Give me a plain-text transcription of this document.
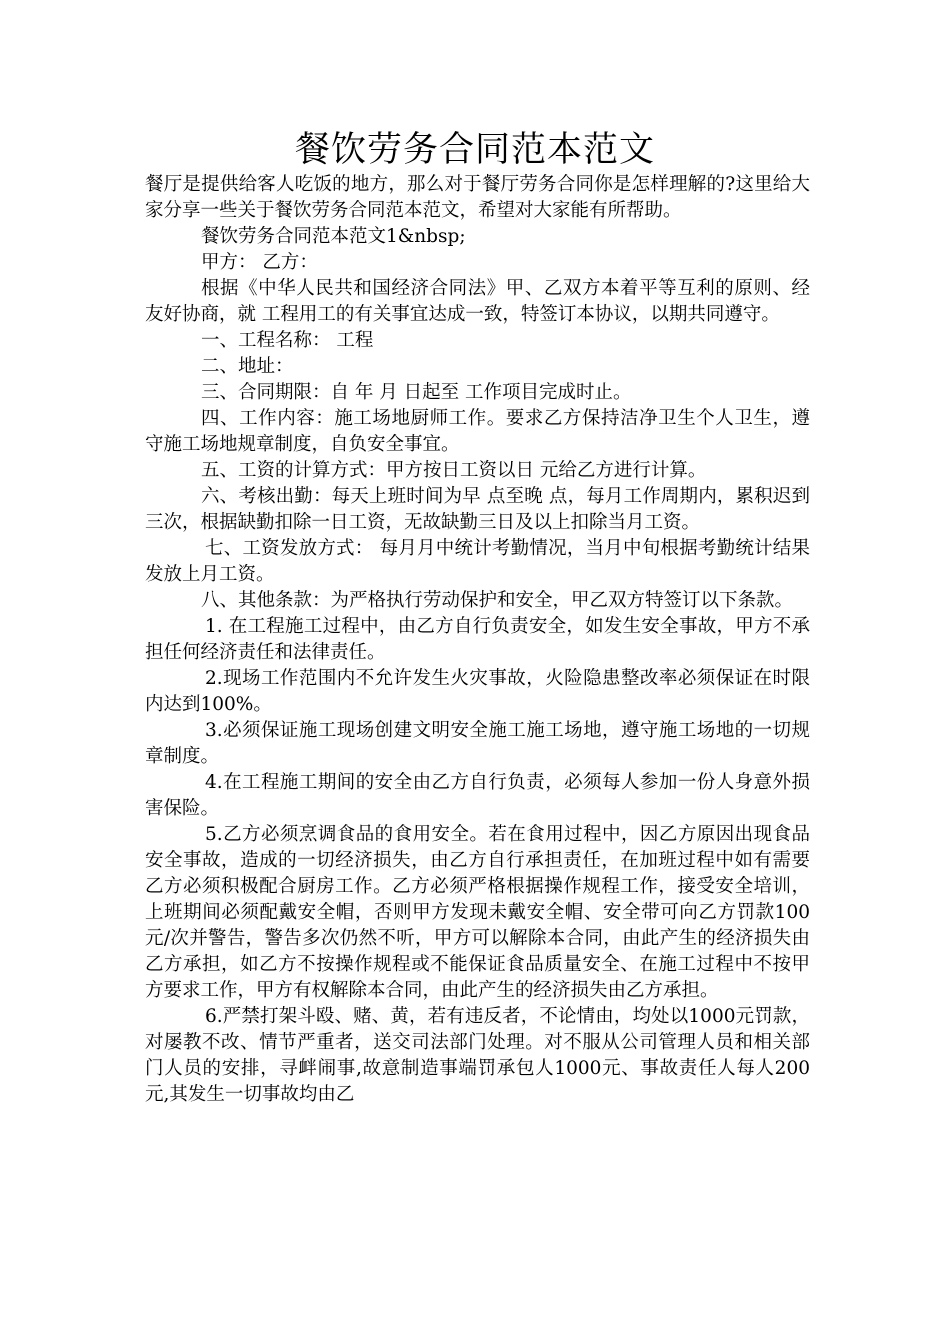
餐饮劳务合同范本范文

餐厅是提供给客人吃饭的地方，那么对于餐厅劳务合同你是怎样理解的?这里给大家分享一些关于餐饮劳务合同范本范文，希望对大家能有所帮助。

餐饮劳务合同范本范文1&nbsp;

甲方： 乙方：

根据《中华人民共和国经济合同法》甲、乙双方本着平等互利的原则、经友好协商，就 工程用工的有关事宜达成一致，特签订本协议，以期共同遵守。

一、工程名称： 工程

二、地址：

三、合同期限：自 年 月 日起至 工作项目完成时止。

四、工作内容：施工场地厨师工作。要求乙方保持洁净卫生个人卫生，遵守施工场地规章制度，自负安全事宜。

五、工资的计算方式：甲方按日工资以日 元给乙方进行计算。

六、考核出勤：每天上班时间为早 点至晚 点，每月工作周期内，累积迟到三次，根据缺勤扣除一日工资，无故缺勤三日及以上扣除当月工资。

七、工资发放方式： 每月月中统计考勤情况，当月中旬根据考勤统计结果发放上月工资。

八、其他条款：为严格执行劳动保护和安全，甲乙双方特签订以下条款。

1. 在工程施工过程中，由乙方自行负责安全，如发生安全事故，甲方不承担任何经济责任和法律责任。

2.现场工作范围内不允许发生火灾事故，火险隐患整改率必须保证在时限内达到100%。

3.必须保证施工现场创建文明安全施工施工场地，遵守施工场地的一切规章制度。

4.在工程施工期间的安全由乙方自行负责，必须每人参加一份人身意外损害保险。

5.乙方必须烹调食品的食用安全。若在食用过程中，因乙方原因出现食品安全事故，造成的一切经济损失，由乙方自行承担责任，在加班过程中如有需要乙方必须积极配合厨房工作。乙方必须严格根据操作规程工作，接受安全培训，上班期间必须配戴安全帽，否则甲方发现未戴安全帽、安全带可向乙方罚款100元/次并警告，警告多次仍然不听，甲方可以解除本合同，由此产生的经济损失由乙方承担，如乙方不按操作规程或不能保证食品质量安全、在施工过程中不按甲方要求工作，甲方有权解除本合同，由此产生的经济损失由乙方承担。

6.严禁打架斗殴、赌、黄，若有违反者，不论情由，均处以1000元罚款，对屡教不改、情节严重者，送交司法部门处理。对不服从公司管理人员和相关部门人员的安排，寻衅闹事,故意制造事端罚承包人1000元、事故责任人每人200元,其发生一切事故均由乙
